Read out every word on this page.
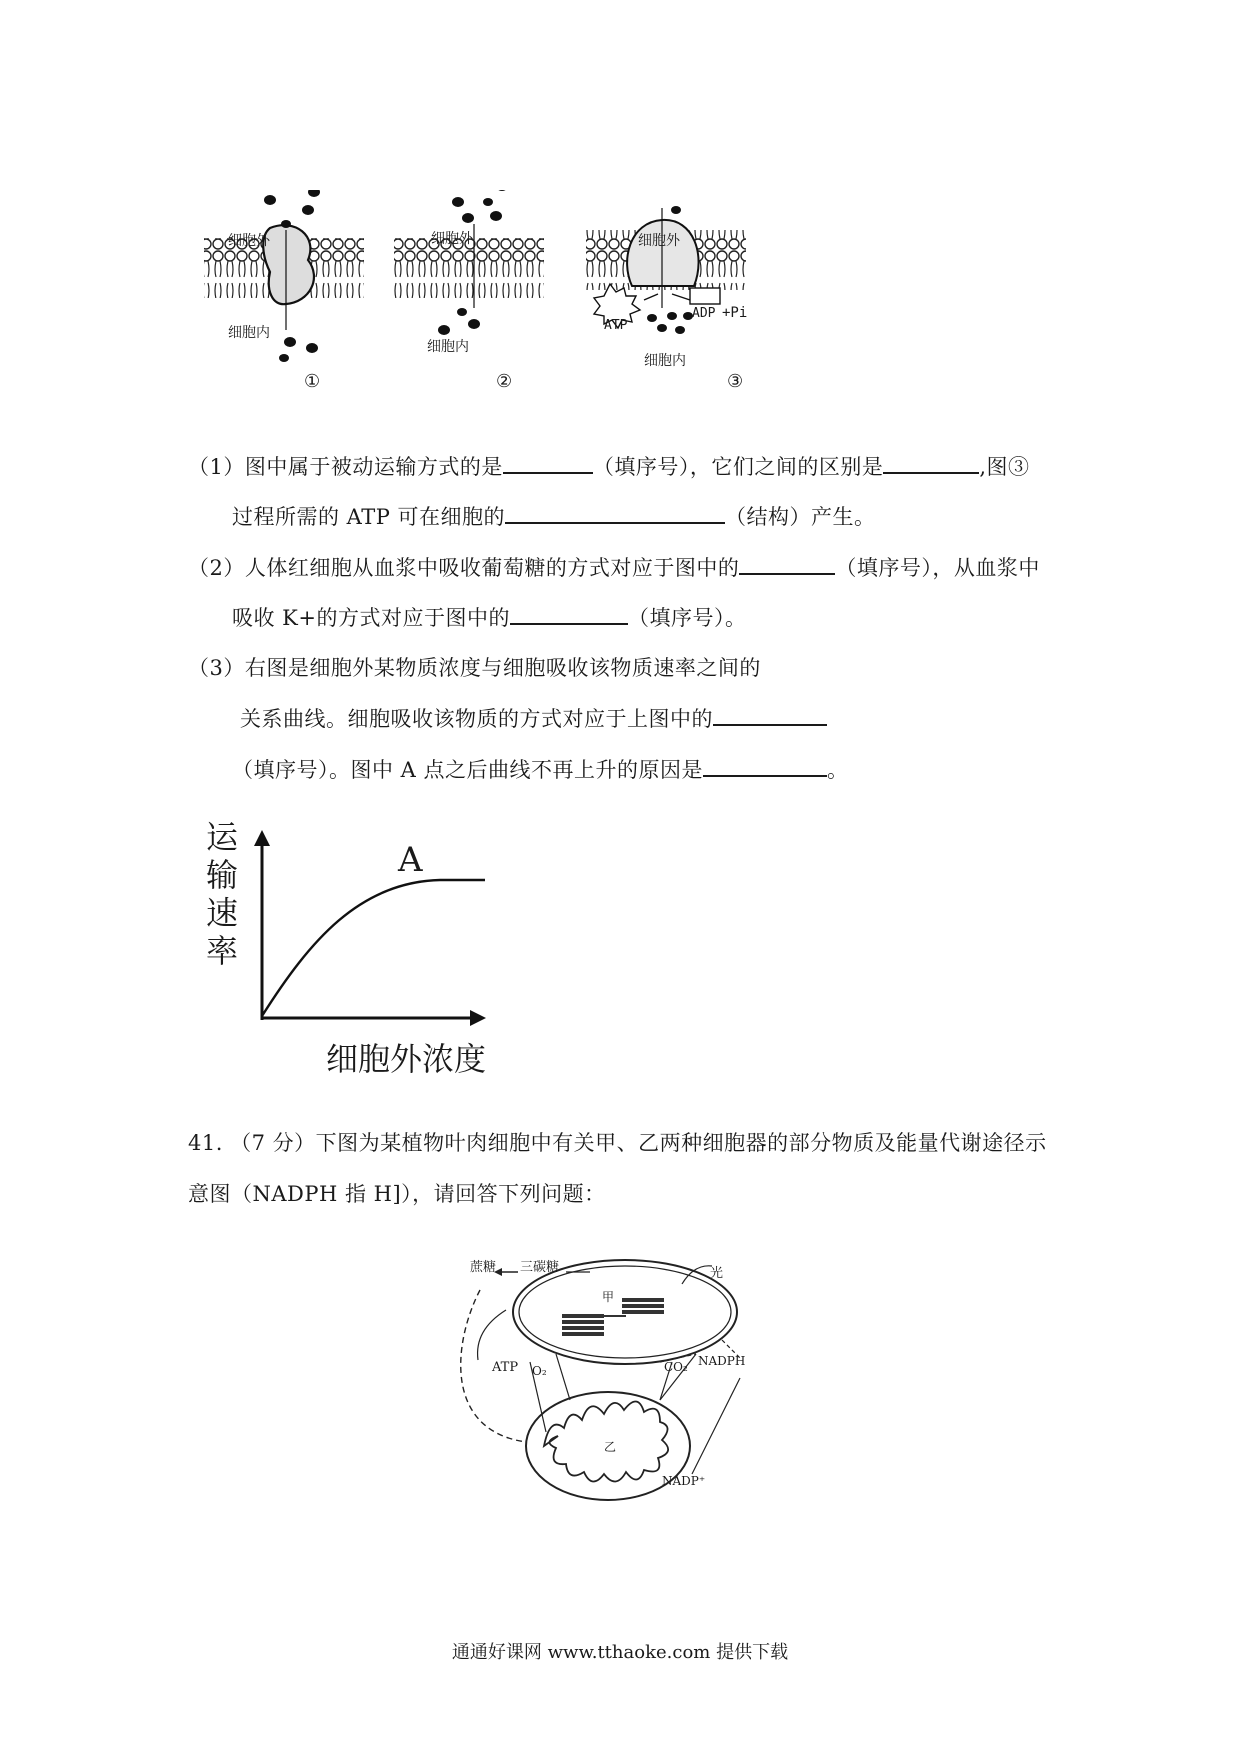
细胞外
细胞内
细胞外
细胞内
细胞外
细胞内
ATP
ADP +Pi
①	②	③
（1）图中属于被动运输方式的是	（填序号），它们之间的区别是	,图③
过程所需的 ATP 可在细胞的	（结构）产生。
（2）人体红细胞从血浆中吸收葡萄糖的方式对应于图中的	（填序号），从血浆中
吸收 K+的方式对应于图中的	（填序号）。
（3）右图是细胞外某物质浓度与细胞吸收该物质速率之间的
关系曲线。细胞吸收该物质的方式对应于上图中的
（填序号）。图中 A 点之后曲线不再上升的原因是	。
运
输
速
率
A
细胞外浓度
41. （7 分）下图为某植物叶肉细胞中有关甲、乙两种细胞器的部分物质及能量代谢途径示
意图（NADPH 指 H]），请回答下列问题：
蔗糖 三碳糖	光
甲
乙
ATP O₂	CO₂ NADPH
NADP⁺
通通好课网 www.tthaoke.com 提供下载
